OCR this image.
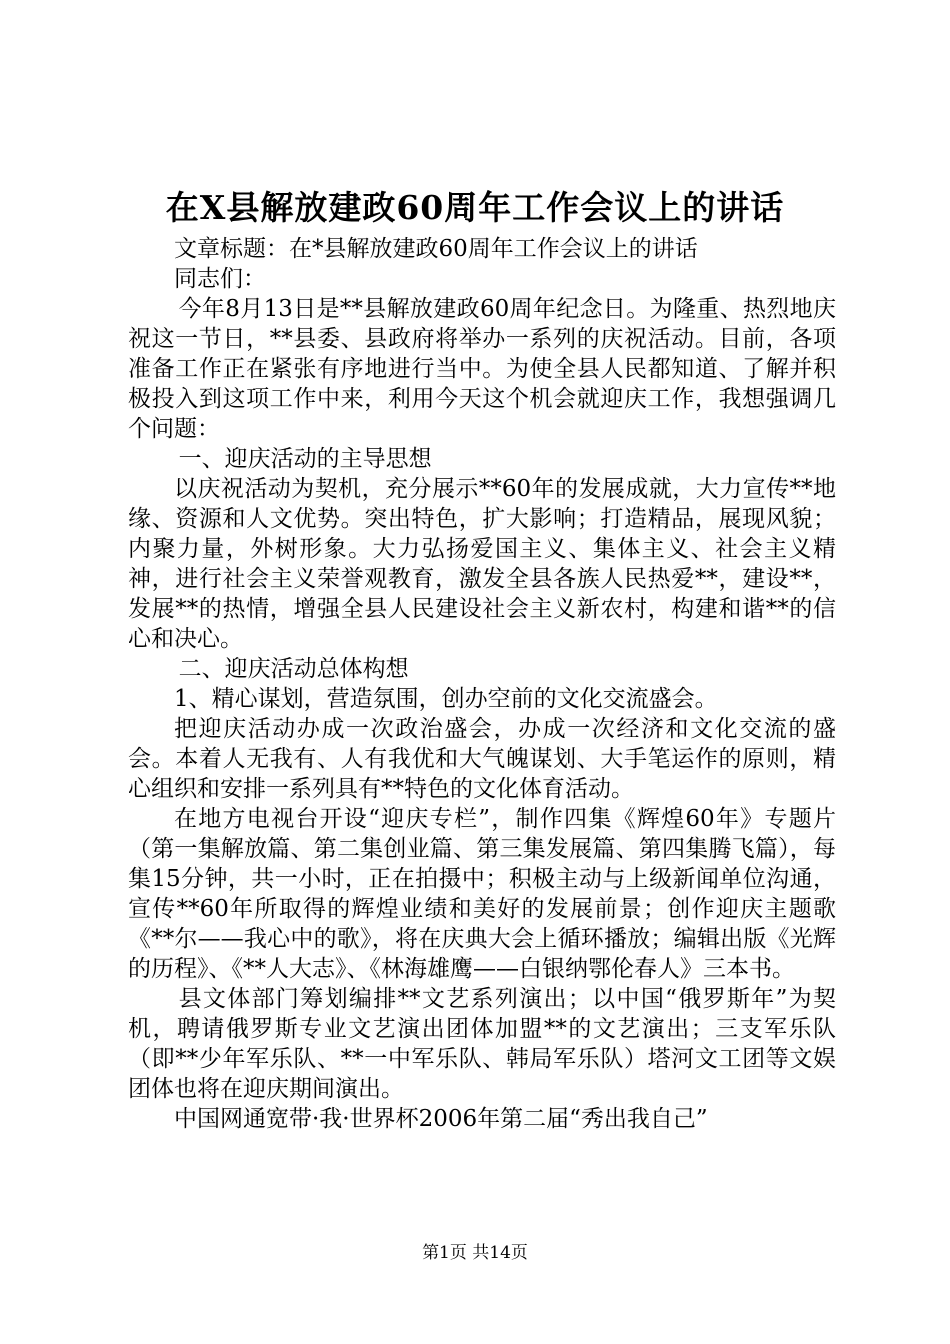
在X县解放建政60周年工作会议上的讲话

文章标题：在*县解放建政60周年工作会议上的讲话

同志们：

今年8月13日是**县解放建政60周年纪念日。为隆重、热烈地庆祝这一节日，**县委、县政府将举办一系列的庆祝活动。目前，各项准备工作正在紧张有序地进行当中。为使全县人民都知道、了解并积极投入到这项工作中来，利用今天这个机会就迎庆工作，我想强调几个问题：

一、迎庆活动的主导思想

以庆祝活动为契机，充分展示**60年的发展成就，大力宣传**地缘、资源和人文优势。突出特色，扩大影响；打造精品，展现风貌；内聚力量，外树形象。大力弘扬爱国主义、集体主义、社会主义精神，进行社会主义荣誉观教育，激发全县各族人民热爱**，建设**，发展**的热情，增强全县人民建设社会主义新农村，构建和谐**的信心和决心。

二、迎庆活动总体构想

1、精心谋划，营造氛围，创办空前的文化交流盛会。

把迎庆活动办成一次政治盛会，办成一次经济和文化交流的盛会。本着人无我有、人有我优和大气魄谋划、大手笔运作的原则，精心组织和安排一系列具有**特色的文化体育活动。

在地方电视台开设“迎庆专栏”，制作四集《辉煌60年》专题片（第一集解放篇、第二集创业篇、第三集发展篇、第四集腾飞篇），每集15分钟，共一小时，正在拍摄中；积极主动与上级新闻单位沟通，宣传**60年所取得的辉煌业绩和美好的发展前景；创作迎庆主题歌《**尔——我心中的歌》，将在庆典大会上循环播放；编辑出版《光辉的历程》、《**人大志》、《林海雄鹰——白银纳鄂伦春人》三本书。

县文体部门筹划编排**文艺系列演出；以中国“俄罗斯年”为契机，聘请俄罗斯专业文艺演出团体加盟**的文艺演出；三支军乐队（即**少年军乐队、**一中军乐队、韩局军乐队）塔河文工团等文娱团体也将在迎庆期间演出。

中国网通宽带·我·世界杯2006年第二届“秀出我自己”

第1页 共14页
